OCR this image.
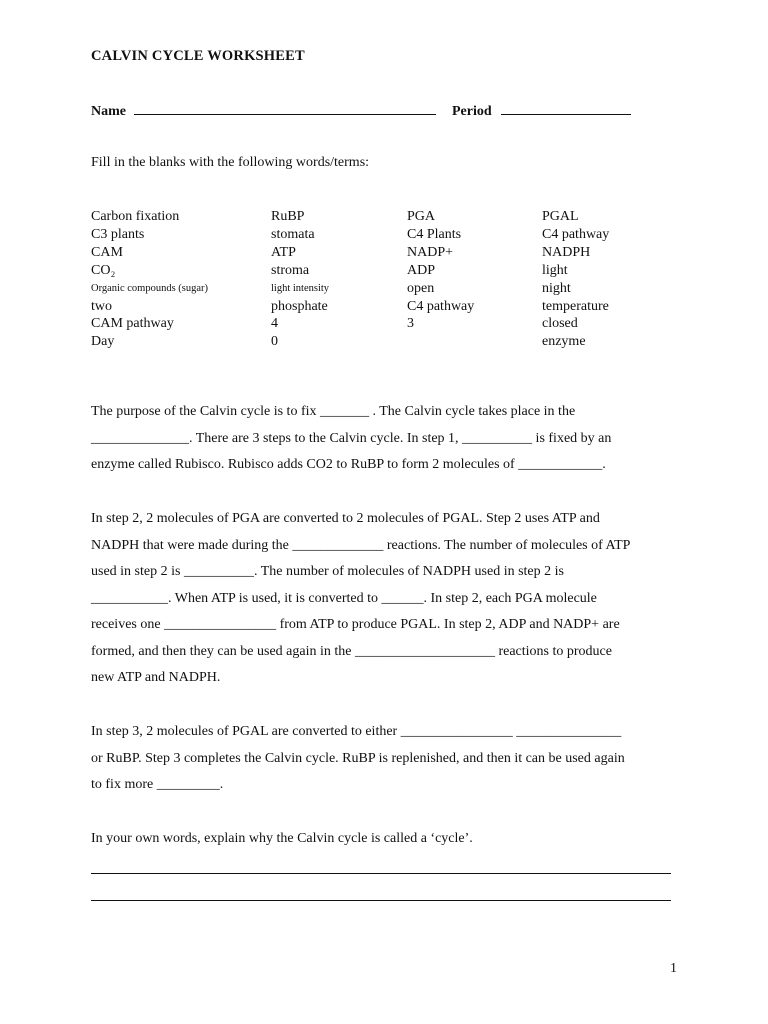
CALVIN CYCLE WORKSHEET
Name	Period
Fill in the blanks with the following words/terms:
Carbon fixation	RuBP	PGA	PGAL
C3 plants	stomata	C4 Plants	C4 pathway
CAM	ATP	NADP+	NADPH
CO₂	stroma	ADP	light
Organic compounds (sugar)	light intensity	open	night
two	phosphate	C4 pathway	temperature
CAM pathway	4	3	closed
Day	0		enzyme
The purpose of the Calvin cycle is to fix _______ . The Calvin cycle takes place in the
______________. There are 3 steps to the Calvin cycle. In step 1, __________ is fixed by an
enzyme called Rubisco. Rubisco adds CO2 to RuBP to form 2 molecules of ____________.
In step 2, 2 molecules of PGA are converted to 2 molecules of PGAL. Step 2 uses ATP and
NADPH that were made during the _____________ reactions. The number of molecules of ATP
used in step 2 is __________. The number of molecules of NADPH used in step 2 is
___________. When ATP is used, it is converted to ______. In step 2, each PGA molecule
receives one ________________ from ATP to produce PGAL. In step 2, ADP and NADP+ are
formed, and then they can be used again in the ____________________ reactions to produce
new ATP and NADPH.
In step 3, 2 molecules of PGAL are converted to either ________________ _______________
or RuBP. Step 3 completes the Calvin cycle. RuBP is replenished, and then it can be used again
to fix more _________.
In your own words, explain why the Calvin cycle is called a ‘cycle’.
1
